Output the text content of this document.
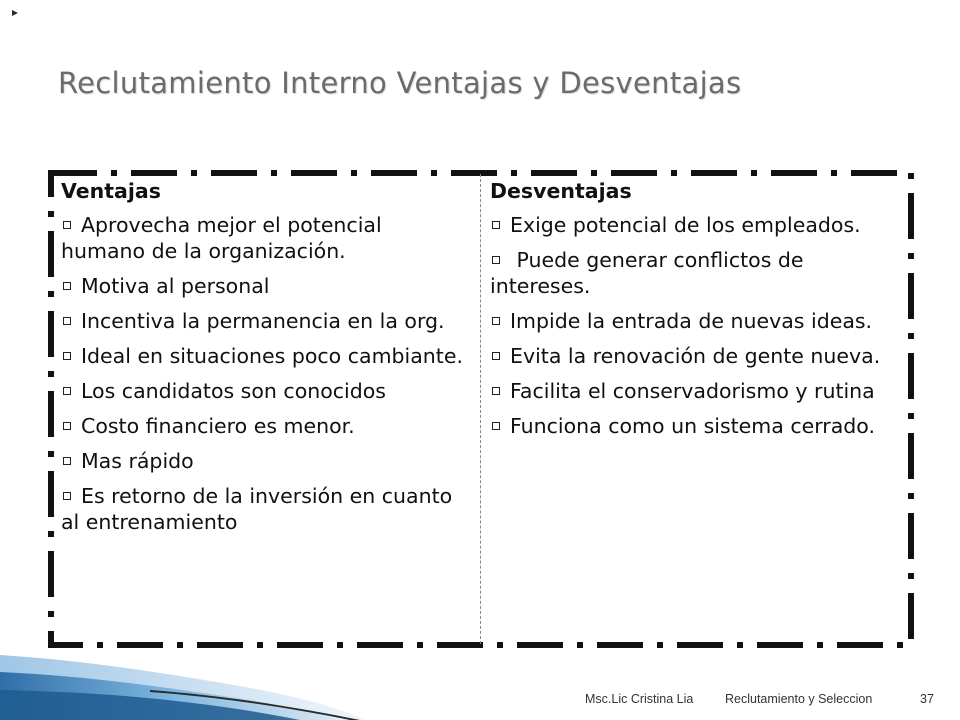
Reclutamiento Interno Ventajas y Desventajas
Ventajas
Aprovecha mejor el potencial humano de la organización.
Motiva al personal
Incentiva la permanencia en la org.
Ideal en situaciones poco cambiante.
Los candidatos son conocidos
Costo financiero es menor.
Mas rápido
Es retorno de la inversión en cuanto al entrenamiento
Desventajas
Exige potencial de los empleados.
Puede generar conflictos de intereses.
Impide la entrada de nuevas ideas.
Evita la renovación de gente nueva.
Facilita el conservadorismo y rutina
Funciona como un sistema cerrado.
Msc.Lic Cristina Lia	Reclutamiento y Seleccion	37
